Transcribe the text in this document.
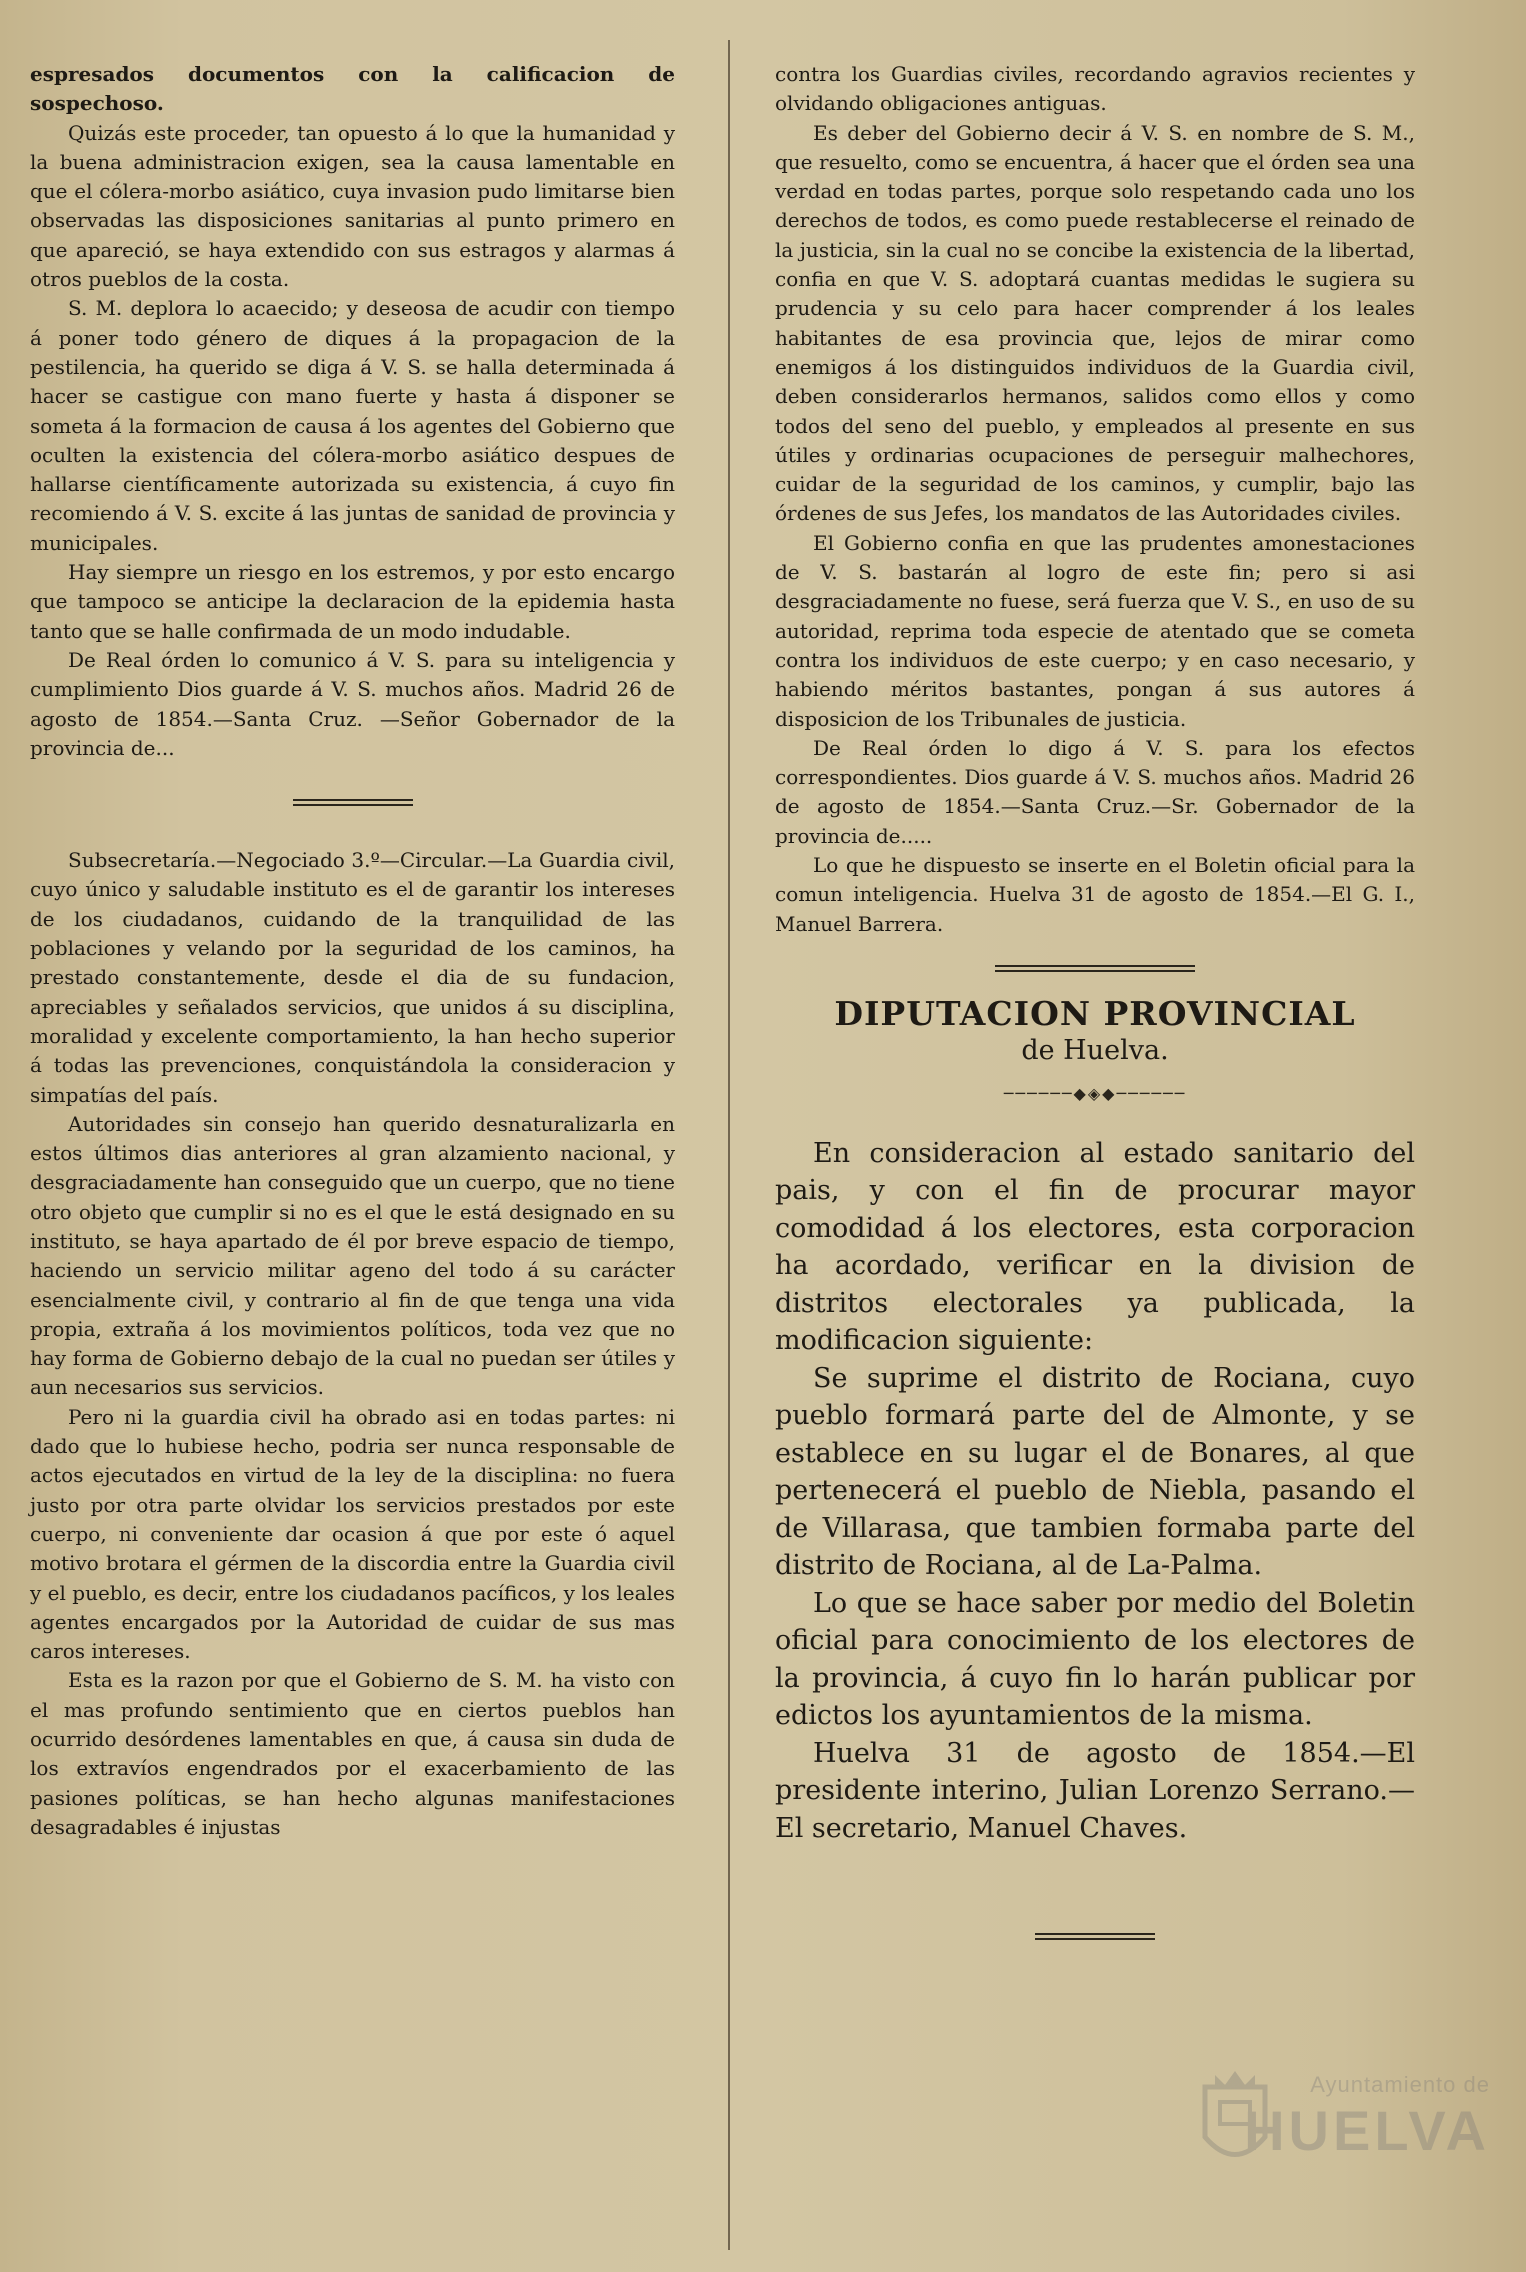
espresados documentos con la calificacion de sospechoso.

Quizás este proceder, tan opuesto á lo que la humanidad y la buena administracion exigen, sea la causa lamentable en que el cólera-morbo asiático, cuya invasion pudo limitarse bien observadas las disposiciones sanitarias al punto primero en que apareció, se haya extendido con sus estragos y alarmas á otros pueblos de la costa.

S. M. deplora lo acaecido; y deseosa de acudir con tiempo á poner todo género de diques á la propagacion de la pestilencia, ha querido se diga á V. S. se halla determinada á hacer se castigue con mano fuerte y hasta á disponer se someta á la formacion de causa á los agentes del Gobierno que oculten la existencia del cólera-morbo asiático despues de hallarse científicamente autorizada su existencia, á cuyo fin recomiendo á V. S. excite á las juntas de sanidad de provincia y municipales.

Hay siempre un riesgo en los estremos, y por esto encargo que tampoco se anticipe la declaracion de la epidemia hasta tanto que se halle confirmada de un modo indudable.

De Real órden lo comunico á V. S. para su inteligencia y cumplimiento Dios guarde á V. S. muchos años. Madrid 26 de agosto de 1854.—Santa Cruz. —Señor Gobernador de la provincia de...

Subsecretaría.—Negociado 3.º—Circular.—La Guardia civil, cuyo único y saludable instituto es el de garantir los intereses de los ciudadanos, cuidando de la tranquilidad de las poblaciones y velando por la seguridad de los caminos, ha prestado constantemente, desde el dia de su fundacion, apreciables y señalados servicios, que unidos á su disciplina, moralidad y excelente comportamiento, la han hecho superior á todas las prevenciones, conquistándola la consideracion y simpatías del país.

Autoridades sin consejo han querido desnaturalizarla en estos últimos dias anteriores al gran alzamiento nacional, y desgraciadamente han conseguido que un cuerpo, que no tiene otro objeto que cumplir si no es el que le está designado en su instituto, se haya apartado de él por breve espacio de tiempo, haciendo un servicio militar ageno del todo á su carácter esencialmente civil, y contrario al fin de que tenga una vida propia, extraña á los movimientos políticos, toda vez que no hay forma de Gobierno debajo de la cual no puedan ser útiles y aun necesarios sus servicios.

Pero ni la guardia civil ha obrado asi en todas partes: ni dado que lo hubiese hecho, podria ser nunca responsable de actos ejecutados en virtud de la ley de la disciplina: no fuera justo por otra parte olvidar los servicios prestados por este cuerpo, ni conveniente dar ocasion á que por este ó aquel motivo brotara el gérmen de la discordia entre la Guardia civil y el pueblo, es decir, entre los ciudadanos pacíficos, y los leales agentes encargados por la Autoridad de cuidar de sus mas caros intereses.

Esta es la razon por que el Gobierno de S. M. ha visto con el mas profundo sentimiento que en ciertos pueblos han ocurrido desórdenes lamentables en que, á causa sin duda de los extravíos engendrados por el exacerbamiento de las pasiones políticas, se han hecho algunas manifestaciones desagradables é injustas

contra los Guardias civiles, recordando agravios recientes y olvidando obligaciones antiguas.

Es deber del Gobierno decir á V. S. en nombre de S. M., que resuelto, como se encuentra, á hacer que el órden sea una verdad en todas partes, porque solo respetando cada uno los derechos de todos, es como puede restablecerse el reinado de la justicia, sin la cual no se concibe la existencia de la libertad, confia en que V. S. adoptará cuantas medidas le sugiera su prudencia y su celo para hacer comprender á los leales habitantes de esa provincia que, lejos de mirar como enemigos á los distinguidos individuos de la Guardia civil, deben considerarlos hermanos, salidos como ellos y como todos del seno del pueblo, y empleados al presente en sus útiles y ordinarias ocupaciones de perseguir malhechores, cuidar de la seguridad de los caminos, y cumplir, bajo las órdenes de sus Jefes, los mandatos de las Autoridades civiles.

El Gobierno confia en que las prudentes amonestaciones de V. S. bastarán al logro de este fin; pero si asi desgraciadamente no fuese, será fuerza que V. S., en uso de su autoridad, reprima toda especie de atentado que se cometa contra los individuos de este cuerpo; y en caso necesario, y habiendo méritos bastantes, pongan á sus autores á disposicion de los Tribunales de justicia.

De Real órden lo digo á V. S. para los efectos correspondientes. Dios guarde á V. S. muchos años. Madrid 26 de agosto de 1854.—Santa Cruz.—Sr. Gobernador de la provincia de.....

Lo que he dispuesto se inserte en el Boletin oficial para la comun inteligencia. Huelva 31 de agosto de 1854.—El G. I., Manuel Barrera.

DIPUTACION PROVINCIAL

de Huelva.

──────◆◈◆──────

En consideracion al estado sanitario del pais, y con el fin de procurar mayor comodidad á los electores, esta corporacion ha acordado, verificar en la division de distritos electorales ya publicada, la modificacion siguiente:

Se suprime el distrito de Rociana, cuyo pueblo formará parte del de Almonte, y se establece en su lugar el de Bonares, al que pertenecerá el pueblo de Niebla, pasando el de Villarasa, que tambien formaba parte del distrito de Rociana, al de La-Palma.

Lo que se hace saber por medio del Boletin oficial para conocimiento de los electores de la provincia, á cuyo fin lo harán publicar por edictos los ayuntamientos de la misma.

Huelva 31 de agosto de 1854.—El presidente interino, Julian Lorenzo Serrano.—El secretario, Manuel Chaves.

Ayuntamiento de
HUELVA
